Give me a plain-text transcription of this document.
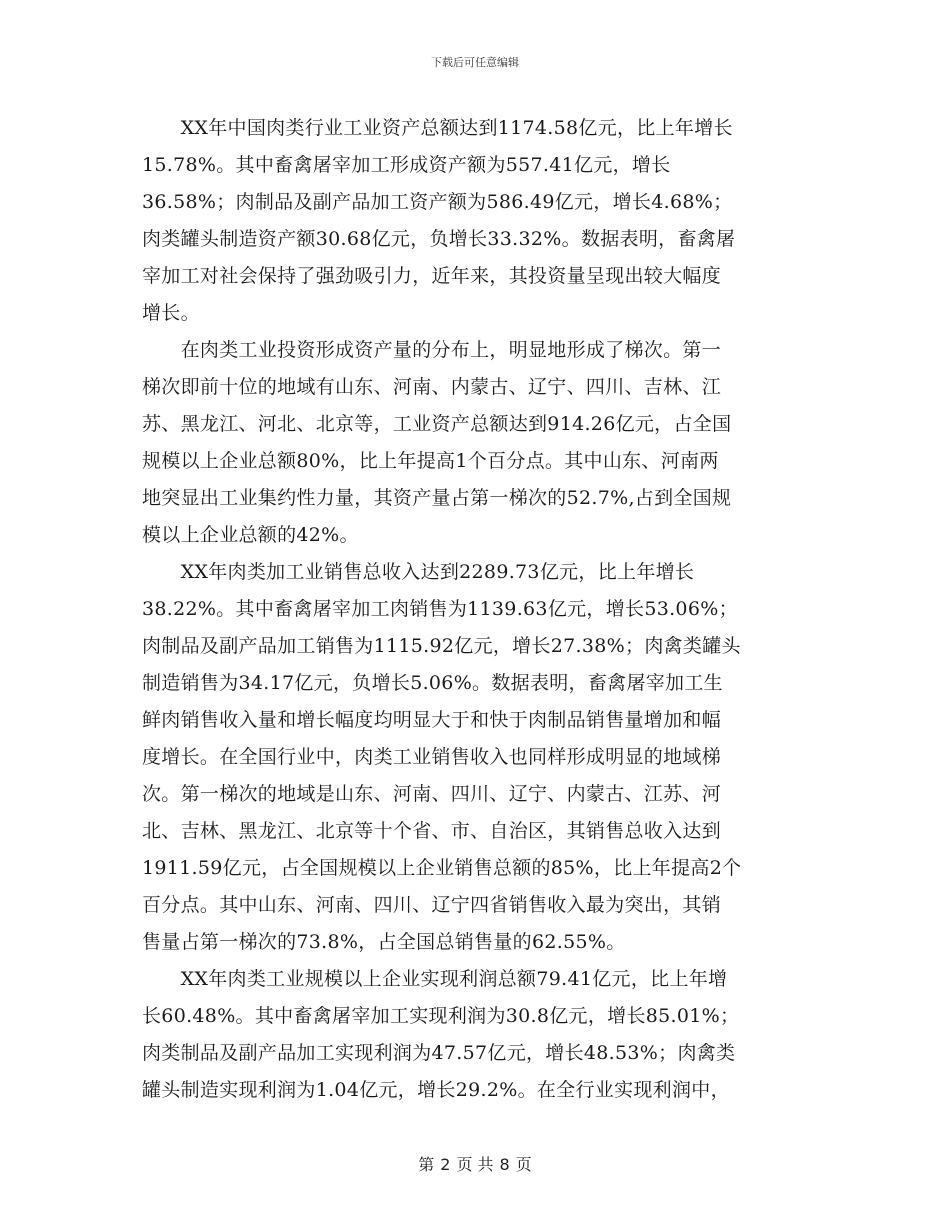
下载后可任意编辑
　　XX年中国肉类行业工业资产总额达到1174.58亿元，比上年增长
15.78%。其中畜禽屠宰加工形成资产额为557.41亿元，增长
36.58%；肉制品及副产品加工资产额为586.49亿元，增长4.68%；
肉类罐头制造资产额30.68亿元，负增长33.32%。数据表明，畜禽屠
宰加工对社会保持了强劲吸引力，近年来，其投资量呈现出较大幅度
增长。
　　在肉类工业投资形成资产量的分布上，明显地形成了梯次。第一
梯次即前十位的地域有山东、河南、内蒙古、辽宁、四川、吉林、江
苏、黑龙江、河北、北京等，工业资产总额达到914.26亿元，占全国
规模以上企业总额80%，比上年提高1个百分点。其中山东、河南两
地突显出工业集约性力量，其资产量占第一梯次的52.7%,占到全国规
模以上企业总额的42%。
　　XX年肉类加工业销售总收入达到2289.73亿元，比上年增长
38.22%。其中畜禽屠宰加工肉销售为1139.63亿元，增长53.06%；
肉制品及副产品加工销售为1115.92亿元，增长27.38%；肉禽类罐头
制造销售为34.17亿元，负增长5.06%。数据表明，畜禽屠宰加工生
鲜肉销售收入量和增长幅度均明显大于和快于肉制品销售量增加和幅
度增长。在全国行业中，肉类工业销售收入也同样形成明显的地域梯
次。第一梯次的地域是山东、河南、四川、辽宁、内蒙古、江苏、河
北、吉林、黑龙江、北京等十个省、市、自治区，其销售总收入达到
1911.59亿元，占全国规模以上企业销售总额的85%，比上年提高2个
百分点。其中山东、河南、四川、辽宁四省销售收入最为突出，其销
售量占第一梯次的73.8%，占全国总销售量的62.55%。
　　XX年肉类工业规模以上企业实现利润总额79.41亿元，比上年增
长60.48%。其中畜禽屠宰加工实现利润为30.8亿元，增长85.01%；
肉类制品及副产品加工实现利润为47.57亿元，增长48.53%；肉禽类
罐头制造实现利润为1.04亿元，增长29.2%。在全行业实现利润中，
第 2 页 共 8 页
